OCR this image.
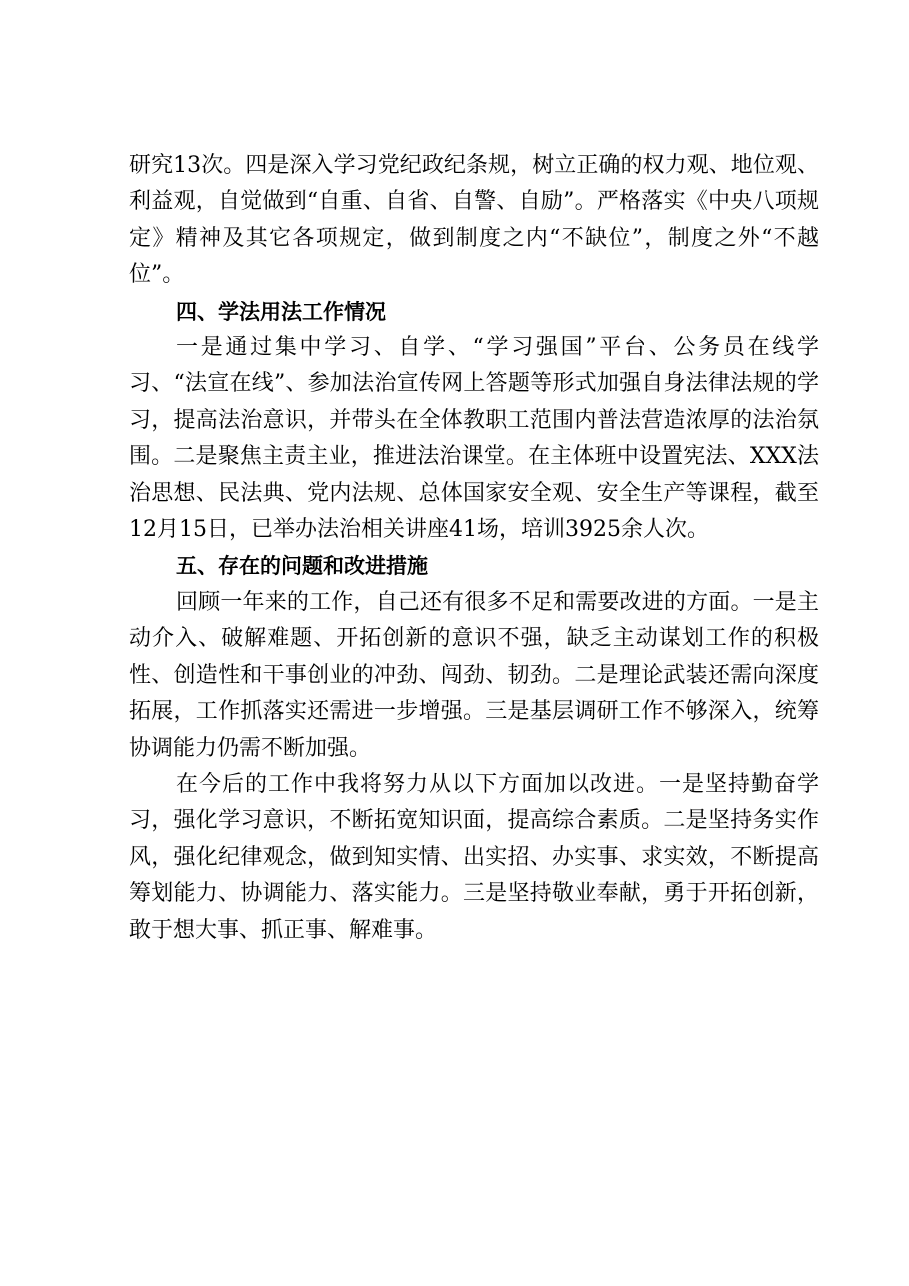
研究13次。四是深入学习党纪政纪条规，树立正确的权力观、地位观、利益观，自觉做到“自重、自省、自警、自励”。严格落实《中央八项规定》精神及其它各项规定，做到制度之内“不缺位”，制度之外“不越位”。

四、学法用法工作情况

一是通过集中学习、自学、“学习强国”平台、公务员在线学习、“法宣在线”、参加法治宣传网上答题等形式加强自身法律法规的学习，提高法治意识，并带头在全体教职工范围内普法营造浓厚的法治氛围。二是聚焦主责主业，推进法治课堂。在主体班中设置宪法、XXX法治思想、民法典、党内法规、总体国家安全观、安全生产等课程，截至12月15日，已举办法治相关讲座41场，培训3925余人次。

五、存在的问题和改进措施

回顾一年来的工作，自己还有很多不足和需要改进的方面。一是主动介入、破解难题、开拓创新的意识不强，缺乏主动谋划工作的积极性、创造性和干事创业的冲劲、闯劲、韧劲。二是理论武装还需向深度拓展，工作抓落实还需进一步增强。三是基层调研工作不够深入，统筹协调能力仍需不断加强。

在今后的工作中我将努力从以下方面加以改进。一是坚持勤奋学习，强化学习意识，不断拓宽知识面，提高综合素质。二是坚持务实作风，强化纪律观念，做到知实情、出实招、办实事、求实效，不断提高筹划能力、协调能力、落实能力。三是坚持敬业奉献，勇于开拓创新，敢于想大事、抓正事、解难事。
